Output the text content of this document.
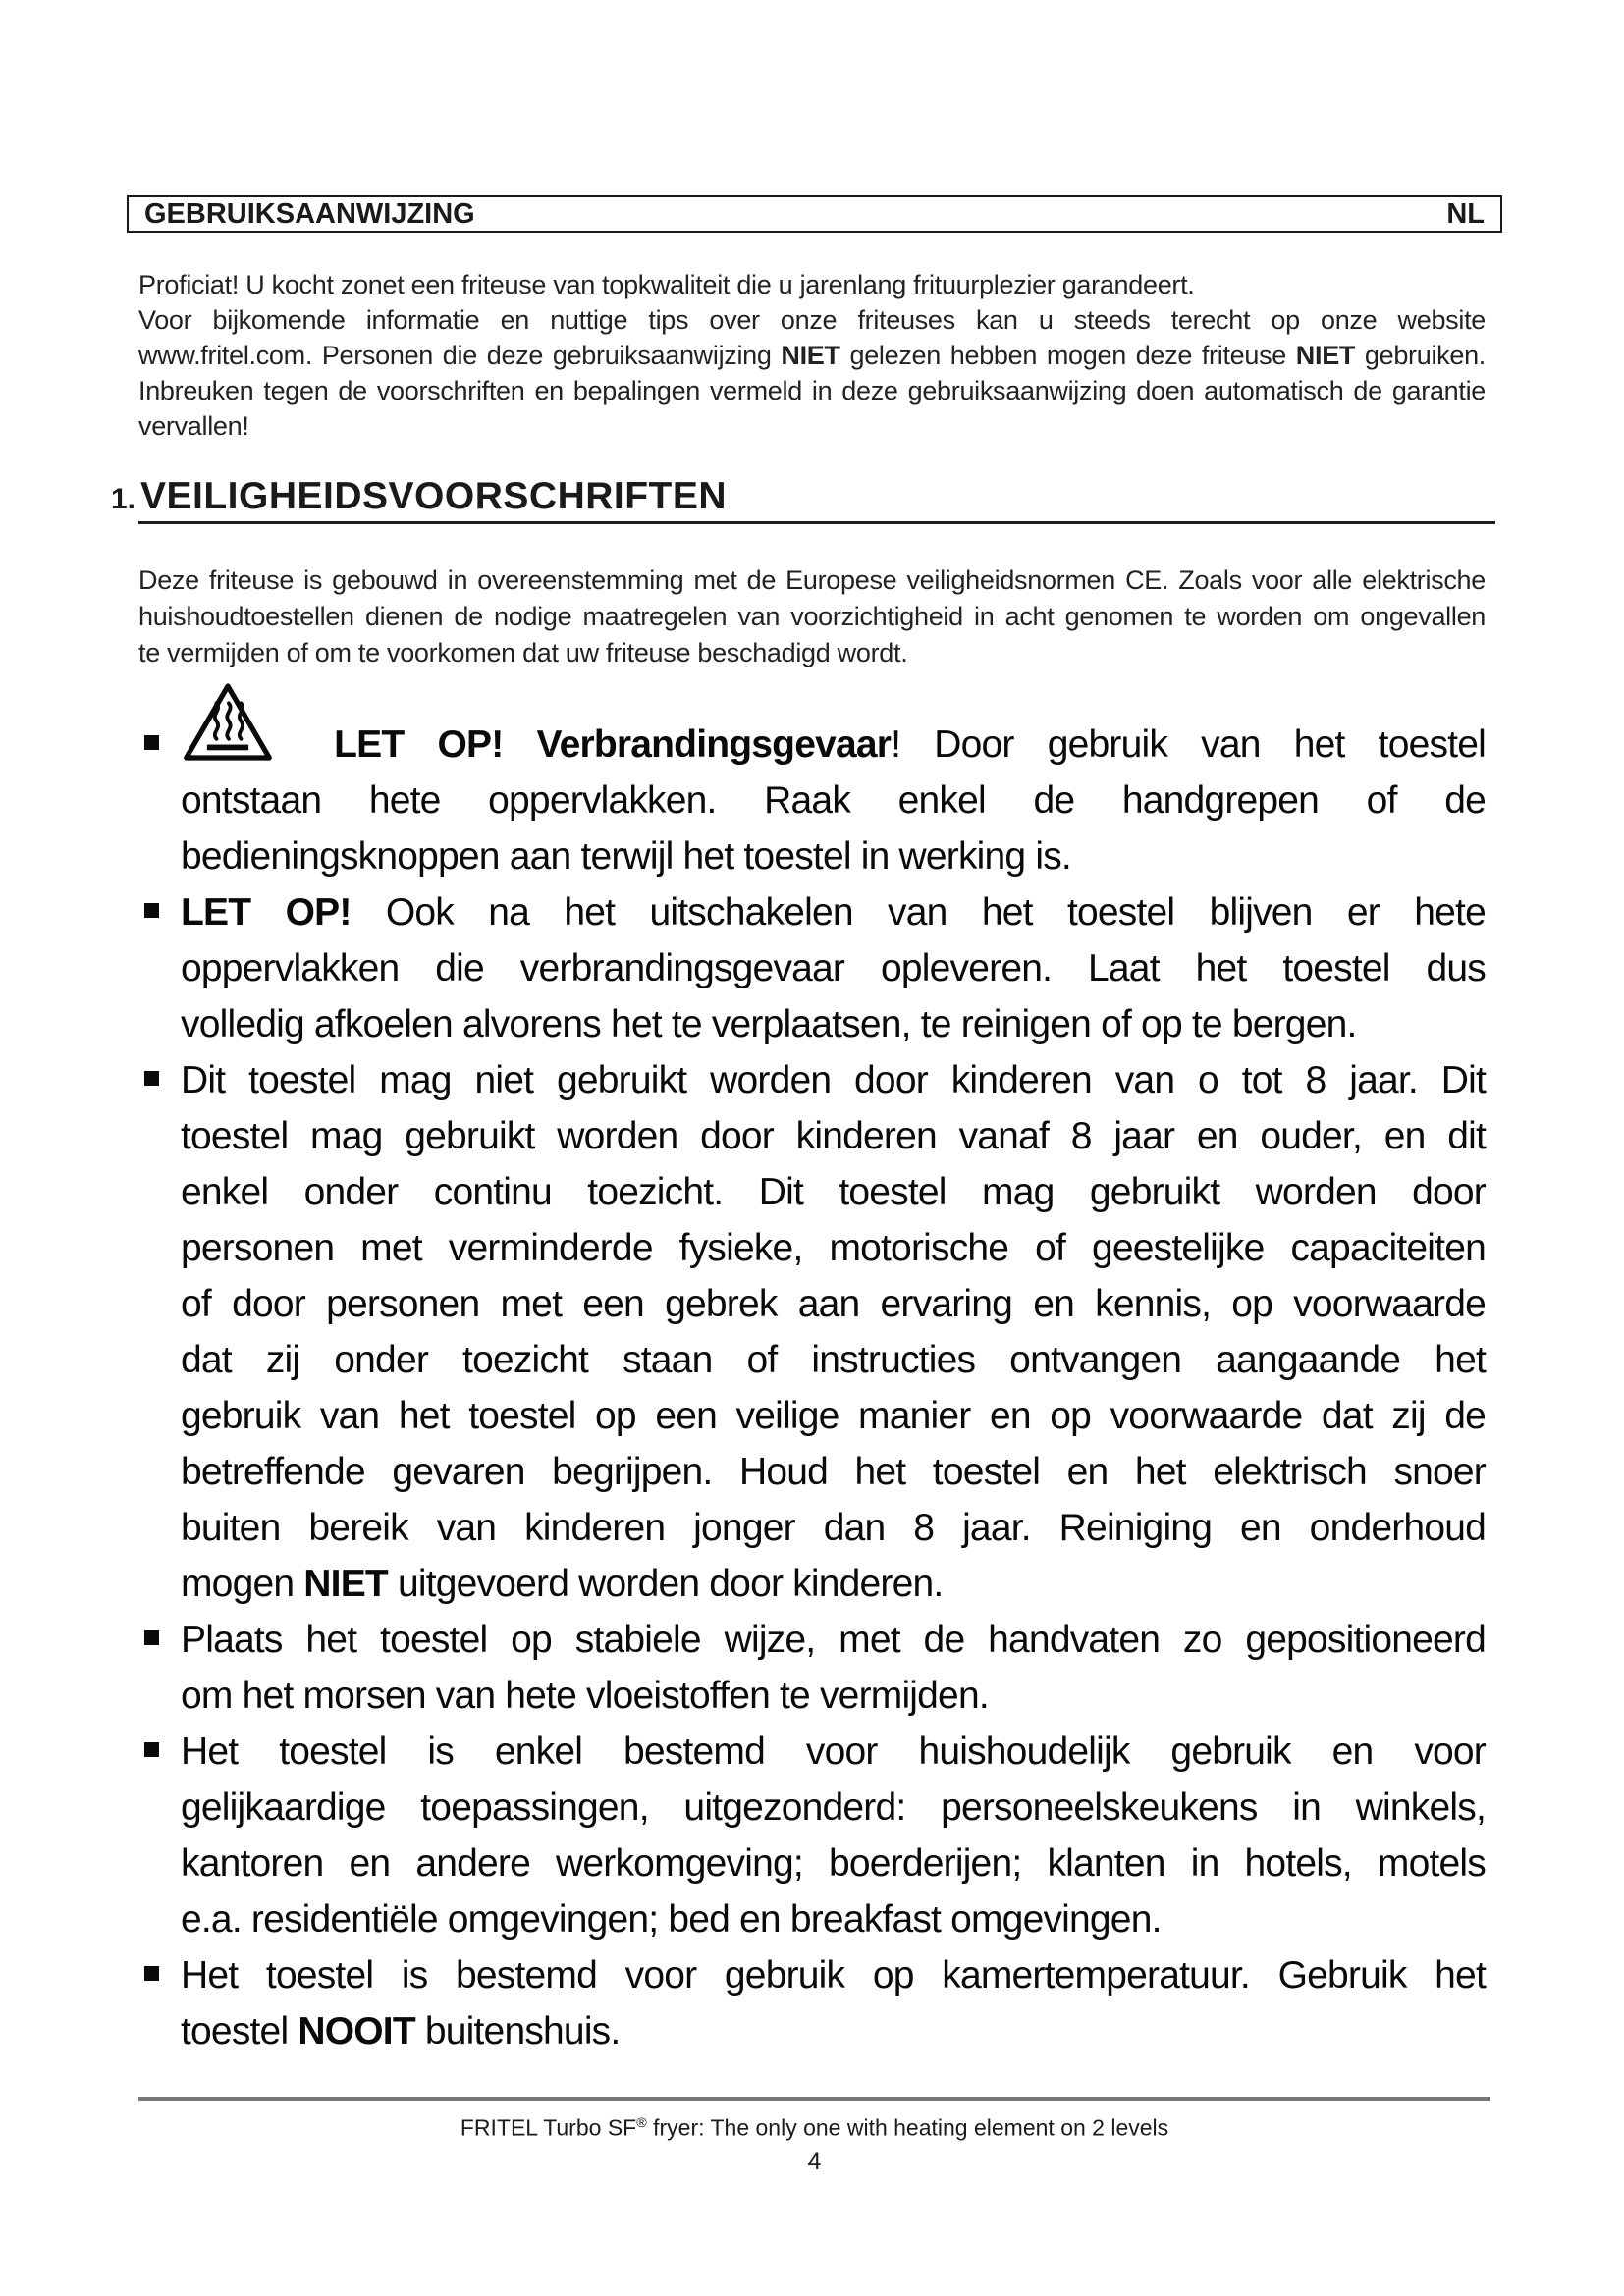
GEBRUIKSAANWIJZING	NL
Proficiat! U kocht zonet een friteuse van topkwaliteit die u jarenlang frituurplezier garandeert.
Voor bijkomende informatie en nuttige tips over onze friteuses kan u steeds terecht op onze website
www.fritel.com. Personen die deze gebruiksaanwijzing NIET gelezen hebben mogen deze friteuse NIET gebruiken.
Inbreuken tegen de voorschriften en bepalingen vermeld in deze gebruiksaanwijzing doen automatisch de garantie
vervallen!
1. VEILIGHEIDSVOORSCHRIFTEN
Deze friteuse is gebouwd in overeenstemming met de Europese veiligheidsnormen CE. Zoals voor alle elektrische
huishoudtoestellen dienen de nodige maatregelen van voorzichtigheid in acht genomen te worden om ongevallen
te vermijden of om te voorkomen dat uw friteuse beschadigd wordt.
LET OP! Verbrandingsgevaar! Door gebruik van het toestel
ontstaan hete oppervlakken. Raak enkel de handgrepen of de
bedieningsknoppen aan terwijl het toestel in werking is.
LET OP! Ook na het uitschakelen van het toestel blijven er hete
oppervlakken die verbrandingsgevaar opleveren. Laat het toestel dus
volledig afkoelen alvorens het te verplaatsen, te reinigen of op te bergen.
Dit toestel mag niet gebruikt worden door kinderen van o tot 8 jaar. Dit
toestel mag gebruikt worden door kinderen vanaf 8 jaar en ouder, en dit
enkel onder continu toezicht. Dit toestel mag gebruikt worden door
personen met verminderde fysieke, motorische of geestelijke capaciteiten
of door personen met een gebrek aan ervaring en kennis, op voorwaarde
dat zij onder toezicht staan of instructies ontvangen aangaande het
gebruik van het toestel op een veilige manier en op voorwaarde dat zij de
betreffende gevaren begrijpen. Houd het toestel en het elektrisch snoer
buiten bereik van kinderen jonger dan 8 jaar. Reiniging en onderhoud
mogen NIET uitgevoerd worden door kinderen.
Plaats het toestel op stabiele wijze, met de handvaten zo gepositioneerd
om het morsen van hete vloeistoffen te vermijden.
Het toestel is enkel bestemd voor huishoudelijk gebruik en voor
gelijkaardige toepassingen, uitgezonderd: personeelskeukens in winkels,
kantoren en andere werkomgeving; boerderijen; klanten in hotels, motels
e.a. residentiële omgevingen; bed en breakfast omgevingen.
Het toestel is bestemd voor gebruik op kamertemperatuur. Gebruik het
toestel NOOIT buitenshuis.
FRITEL Turbo SF® fryer: The only one with heating element on 2 levels
4
